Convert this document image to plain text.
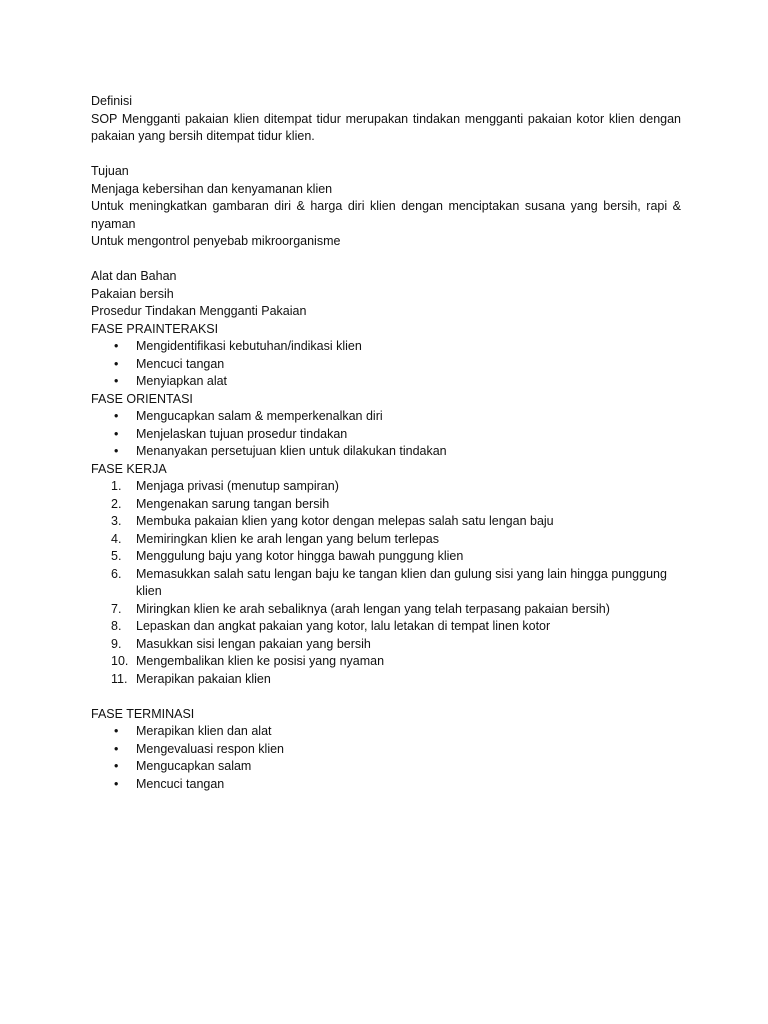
Definisi

SOP Mengganti pakaian klien ditempat tidur merupakan tindakan mengganti pakaian kotor klien dengan pakaian yang bersih ditempat tidur klien.

Tujuan

Menjaga kebersihan dan kenyamanan klien

Untuk meningkatkan gambaran diri & harga diri klien dengan menciptakan susana yang bersih, rapi & nyaman

Untuk mengontrol penyebab mikroorganisme

Alat dan Bahan

Pakaian bersih

Prosedur Tindakan Mengganti Pakaian

FASE PRAINTERAKSI

• Mengidentifikasi kebutuhan/indikasi klien
• Mencuci tangan
• Menyiapkan alat

FASE ORIENTASI

• Mengucapkan salam & memperkenalkan diri
• Menjelaskan tujuan prosedur tindakan
• Menanyakan persetujuan klien untuk dilakukan tindakan

FASE KERJA

1. Menjaga privasi (menutup sampiran)
2. Mengenakan sarung tangan bersih
3. Membuka pakaian klien yang kotor dengan melepas salah satu lengan baju
4. Memiringkan klien ke arah lengan yang belum terlepas
5. Menggulung baju yang kotor hingga bawah punggung klien
6. Memasukkan salah satu lengan baju ke tangan klien dan gulung sisi yang lain hingga punggung klien
7. Miringkan klien ke arah sebaliknya (arah lengan yang telah terpasang pakaian bersih)
8. Lepaskan dan angkat pakaian yang kotor, lalu letakan di tempat linen kotor
9. Masukkan sisi lengan pakaian yang bersih
10. Mengembalikan klien ke posisi yang nyaman
11. Merapikan pakaian klien

FASE TERMINASI

• Merapikan klien dan alat
• Mengevaluasi respon klien
• Mengucapkan salam
• Mencuci tangan
